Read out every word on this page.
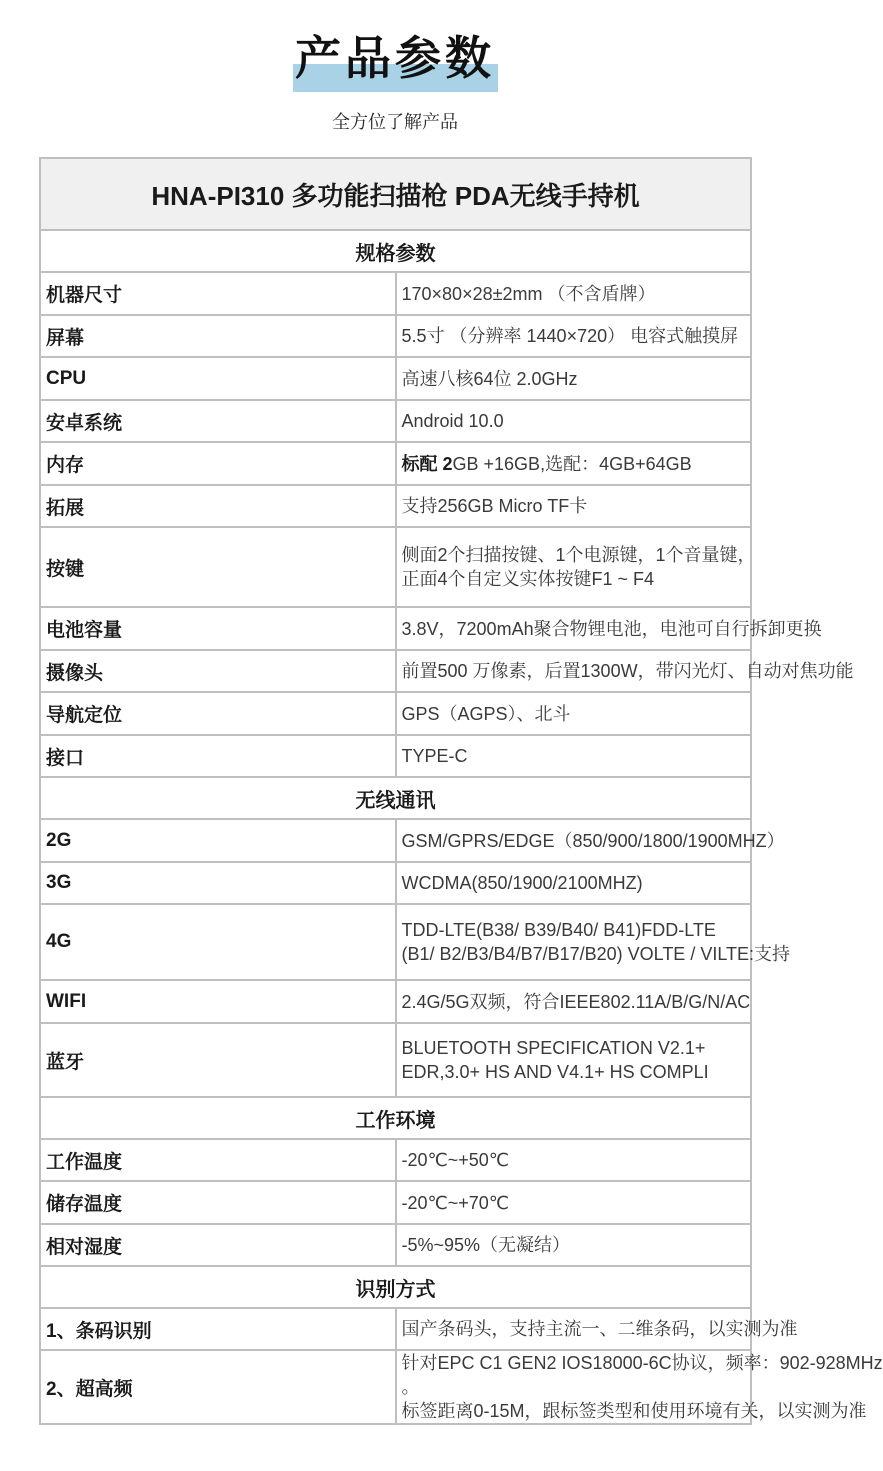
产品参数
全方位了解产品
HNA-PI310 多功能扫描枪 PDA无线手持机	
规格参数	
机器尺寸	170×80×28±2mm （不含盾牌）

屏幕	5.5寸 （分辨率 1440×720） 电容式触摸屏

CPU	高速八核64位 2.0GHz

安卓系统	Android 10.0

内存	标配 2GB +16GB,选配：4GB+64GB

拓展	支持256GB Micro TF卡

按键	侧面2个扫描按键、1个电源键，1个音量键，
正面4个自定义实体按键F1 ~ F4

电池容量	3.8V，7200mAh聚合物锂电池，电池可自行拆卸更换

摄像头	前置500 万像素，后置1300W，带闪光灯、自动对焦功能

导航定位	GPS（AGPS）、北斗

接口	TYPE-C

无线通讯	
2G	GSM/GPRS/EDGE（850/900/1800/1900MHZ）

3G	WCDMA(850/1900/2100MHZ)

4G	TDD-LTE(B38/ B39/B40/ B41)FDD-LTE
(B1/ B2/B3/B4/B7/B17/B20) VOLTE / VILTE:支持

WIFI	2.4G/5G双频，符合IEEE802.11A/B/G/N/AC

蓝牙	BLUETOOTH SPECIFICATION V2.1+
EDR,3.0+ HS AND V4.1+ HS COMPLI

工作环境	
工作温度	-20℃~+50℃

储存温度	-20℃~+70℃

相对湿度	-5%~95%（无凝结）

识别方式	
1、条码识别	国产条码头，支持主流一、二维条码，以实测为准

2、超高频	针对EPC C1 GEN2 IOS18000-6C协议，频率：902-928MHz
。
标签距离0-15M，跟标签类型和使用环境有关，以实测为准
